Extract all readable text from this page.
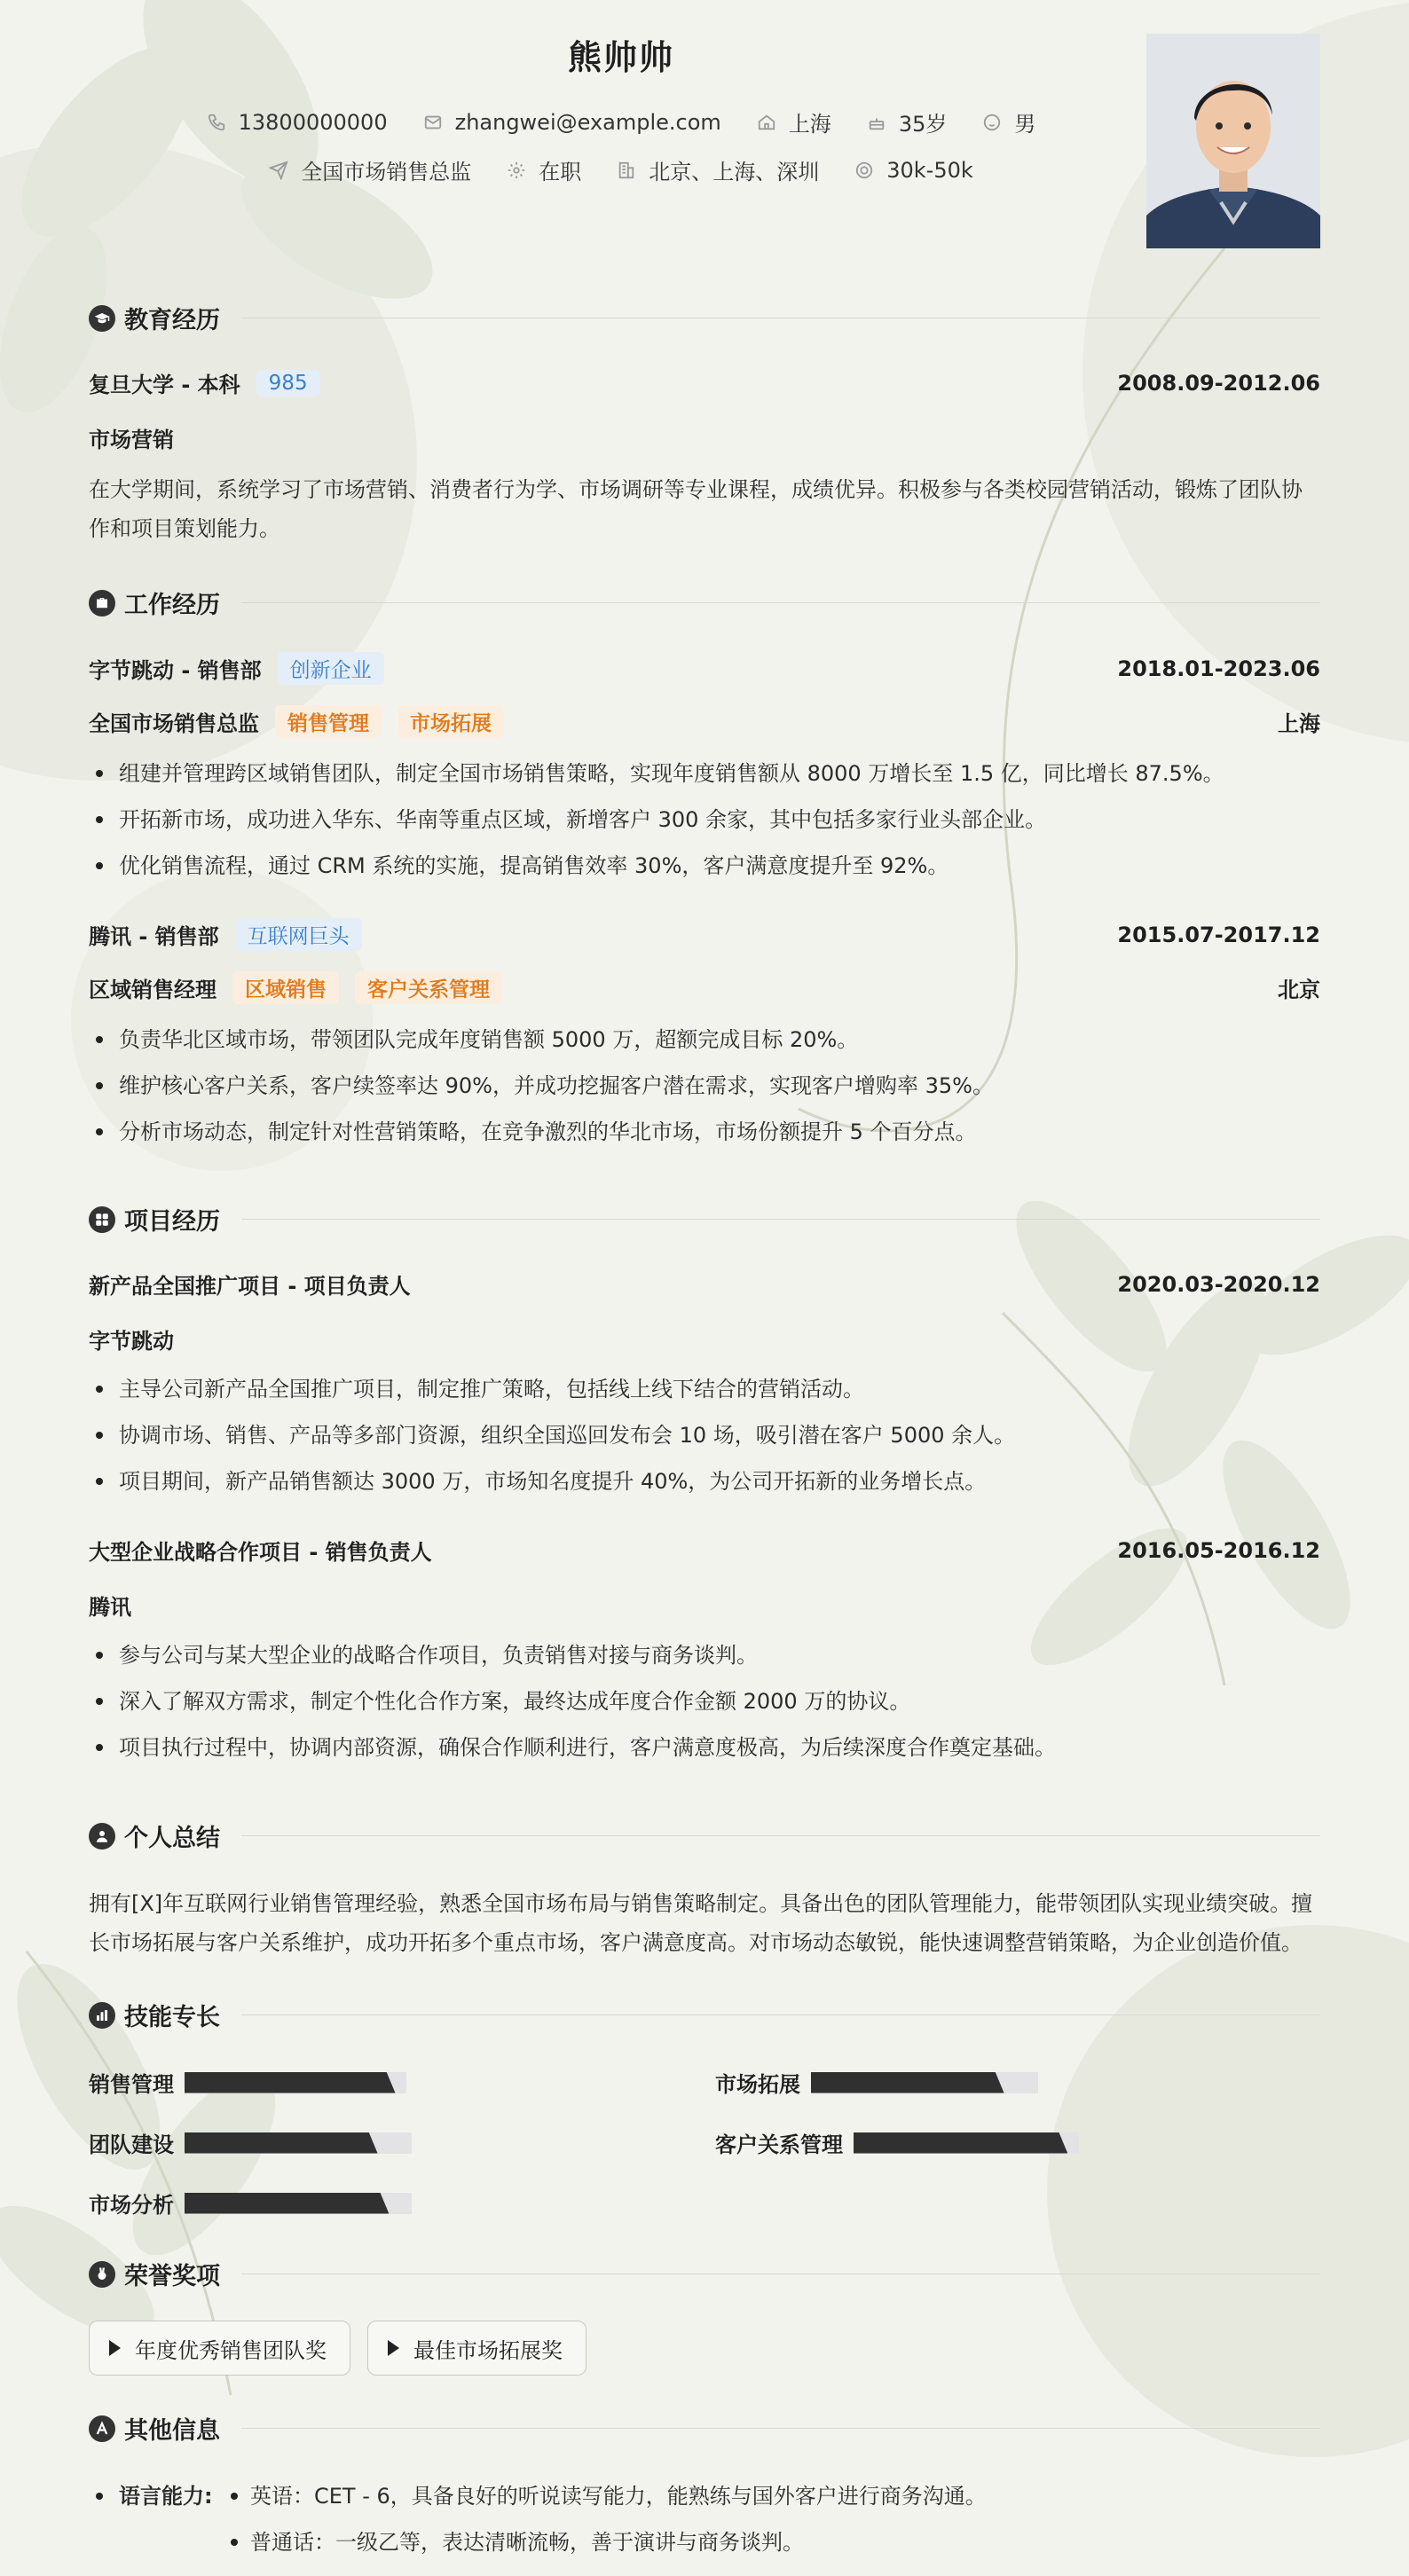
熊帅帅
13800000000	zhangwei@example.com	上海	35岁	男
全国市场销售总监	在职	北京、上海、深圳	30k-50k
教育经历
复旦大学 - 本科	985	2008.09-2012.06
市场营销
在大学期间，系统学习了市场营销、消费者行为学、市场调研等专业课程，成绩优异。积极参与各类校园营销活动，锻炼了团队协
作和项目策划能力。
工作经历
字节跳动 - 销售部	创新企业	2018.01-2023.06
全国市场销售总监	销售管理	市场拓展	上海
组建并管理跨区域销售团队，制定全国市场销售策略，实现年度销售额从 8000 万增长至 1.5 亿，同比增长 87.5%。
开拓新市场，成功进入华东、华南等重点区域，新增客户 300 余家，其中包括多家行业头部企业。
优化销售流程，通过 CRM 系统的实施，提高销售效率 30%，客户满意度提升至 92%。
腾讯 - 销售部	互联网巨头	2015.07-2017.12
区域销售经理	区域销售	客户关系管理	北京
负责华北区域市场，带领团队完成年度销售额 5000 万，超额完成目标 20%。
维护核心客户关系，客户续签率达 90%，并成功挖掘客户潜在需求，实现客户增购率 35%。
分析市场动态，制定针对性营销策略，在竞争激烈的华北市场，市场份额提升 5 个百分点。
项目经历
新产品全国推广项目 - 项目负责人	2020.03-2020.12
字节跳动
主导公司新产品全国推广项目，制定推广策略，包括线上线下结合的营销活动。
协调市场、销售、产品等多部门资源，组织全国巡回发布会 10 场，吸引潜在客户 5000 余人。
项目期间，新产品销售额达 3000 万，市场知名度提升 40%，为公司开拓新的业务增长点。
大型企业战略合作项目 - 销售负责人	2016.05-2016.12
腾讯
参与公司与某大型企业的战略合作项目，负责销售对接与商务谈判。
深入了解双方需求，制定个性化合作方案，最终达成年度合作金额 2000 万的协议。
项目执行过程中，协调内部资源，确保合作顺利进行，客户满意度极高，为后续深度合作奠定基础。
个人总结
拥有[X]年互联网行业销售管理经验，熟悉全国市场布局与销售策略制定。具备出色的团队管理能力，能带领团队实现业绩突破。擅
长市场拓展与客户关系维护，成功开拓多个重点市场，客户满意度高。对市场动态敏锐，能快速调整营销策略，为企业创造价值。
技能专长
销售管理	市场拓展
团队建设	客户关系管理
市场分析
荣誉奖项
年度优秀销售团队奖	最佳市场拓展奖
其他信息
语言能力: 英语：CET - 6，具备良好的听说读写能力，能熟练与国外客户进行商务沟通。
普通话：一级乙等，表达清晰流畅，善于演讲与商务谈判。
